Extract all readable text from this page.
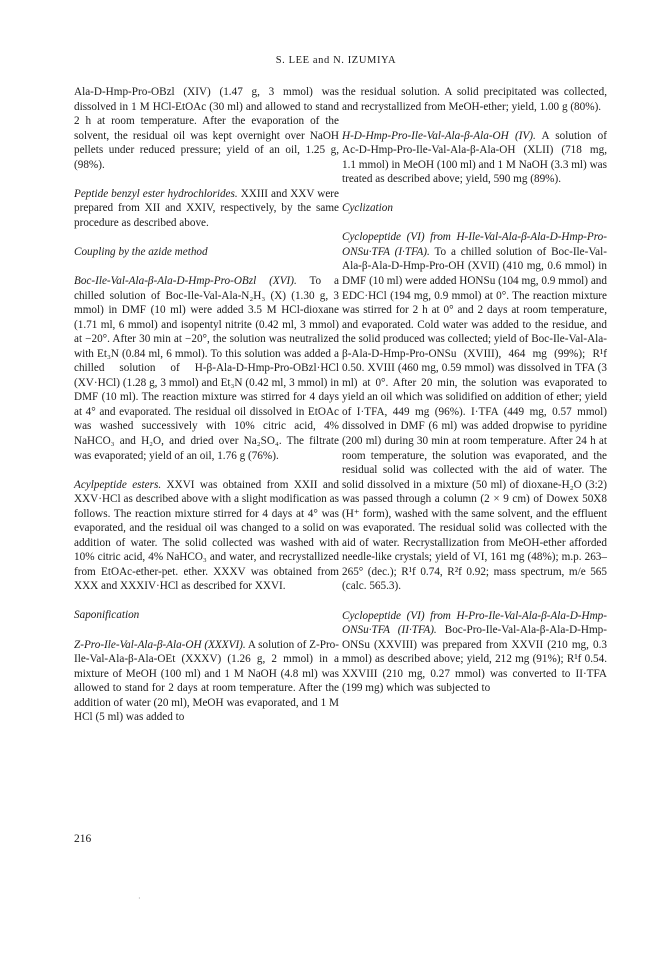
S. LEE and N. IZUMIYA

Ala-D-Hmp-Pro-OBzl (XIV) (1.47 g, 3 mmol) was dissolved in 1 M HCl-EtOAc (30 ml) and allowed to stand 2 h at room temperature. After the evaporation of the solvent, the residual oil was kept overnight over NaOH pellets under reduced pressure; yield of an oil, 1.25 g, (98%).

Peptide benzyl ester hydrochlorides. XXIII and XXV were prepared from XII and XXIV, respectively, by the same procedure as described above.

Coupling by the azide method

Boc-Ile-Val-Ala-β-Ala-D-Hmp-Pro-OBzl (XVI). To a chilled solution of Boc-Ile-Val-Ala-N₂H₃ (X) (1.30 g, 3 mmol) in DMF (10 ml) were added 3.5 M HCl-dioxane (1.71 ml, 6 mmol) and isopentyl nitrite (0.42 ml, 3 mmol) at −20°. After 30 min at −20°, the solution was neutralized with Et₃N (0.84 ml, 6 mmol). To this solution was added a chilled solution of H-β-Ala-D-Hmp-Pro-OBzl·HCl (XV·HCl) (1.28 g, 3 mmol) and Et₃N (0.42 ml, 3 mmol) in DMF (10 ml). The reaction mixture was stirred for 4 days at 4° and evaporated. The residual oil dissolved in EtOAc was washed successively with 10% citric acid, 4% NaHCO₃ and H₂O, and dried over Na₂SO₄. The filtrate was evaporated; yield of an oil, 1.76 g (76%).

Acylpeptide esters. XXVI was obtained from XXII and XXV·HCl as described above with a slight modification as follows. The reaction mixture stirred for 4 days at 4° was evaporated, and the residual oil was changed to a solid on addition of water. The solid collected was washed with 10% citric acid, 4% NaHCO₃ and water, and recrystallized from EtOAc-ether-pet. ether. XXXV was obtained from XXX and XXXIV·HCl as described for XXVI.

Saponification

Z-Pro-Ile-Val-Ala-β-Ala-OH (XXXVI). A solution of Z-Pro-Ile-Val-Ala-β-Ala-OEt (XXXV) (1.26 g, 2 mmol) in a mixture of MeOH (100 ml) and 1 M NaOH (4.8 ml) was allowed to stand for 2 days at room temperature. After the addition of water (20 ml), MeOH was evaporated, and 1 M HCl (5 ml) was added to

the residual solution. A solid precipitated was collected, and recrystallized from MeOH-ether; yield, 1.00 g (80%).

H-D-Hmp-Pro-Ile-Val-Ala-β-Ala-OH (IV). A solution of Ac-D-Hmp-Pro-Ile-Val-Ala-β-Ala-OH (XLII) (718 mg, 1.1 mmol) in MeOH (100 ml) and 1 M NaOH (3.3 ml) was treated as described above; yield, 590 mg (89%).

Cyclization

Cyclopeptide (VI) from H-Ile-Val-Ala-β-Ala-D-Hmp-Pro-ONSu·TFA (I·TFA). To a chilled solution of Boc-Ile-Val-Ala-β-Ala-D-Hmp-Pro-OH (XVII) (410 mg, 0.6 mmol) in DMF (10 ml) were added HONSu (104 mg, 0.9 mmol) and EDC·HCl (194 mg, 0.9 mmol) at 0°. The reaction mixture was stirred for 2 h at 0° and 2 days at room temperature, and evaporated. Cold water was added to the residue, and the solid produced was collected; yield of Boc-Ile-Val-Ala-β-Ala-D-Hmp-Pro-ONSu (XVIII), 464 mg (99%); R¹f 0.50. XVIII (460 mg, 0.59 mmol) was dissolved in TFA (3 ml) at 0°. After 20 min, the solution was evaporated to yield an oil which was solidified on addition of ether; yield of I·TFA, 449 mg (96%). I·TFA (449 mg, 0.57 mmol) dissolved in DMF (6 ml) was added dropwise to pyridine (200 ml) during 30 min at room temperature. After 24 h at room temperature, the solution was evaporated, and the residual solid was collected with the aid of water. The solid dissolved in a mixture (50 ml) of dioxane-H₂O (3:2) was passed through a column (2 × 9 cm) of Dowex 50X8 (H⁺ form), washed with the same solvent, and the effluent was evaporated. The residual solid was collected with the aid of water. Recrystallization from MeOH-ether afforded needle-like crystals; yield of VI, 161 mg (48%); m.p. 263–265° (dec.); R¹f 0.74, R²f 0.92; mass spectrum, m/e 565 (calc. 565.3).

Cyclopeptide (VI) from H-Pro-Ile-Val-Ala-β-Ala-D-Hmp-ONSu·TFA (II·TFA). Boc-Pro-Ile-Val-Ala-β-Ala-D-Hmp-ONSu (XXVIII) was prepared from XXVII (210 mg, 0.3 mmol) as described above; yield, 212 mg (91%); R¹f 0.54. XXVIII (210 mg, 0.27 mmol) was converted to II·TFA (199 mg) which was subjected to

216
·
